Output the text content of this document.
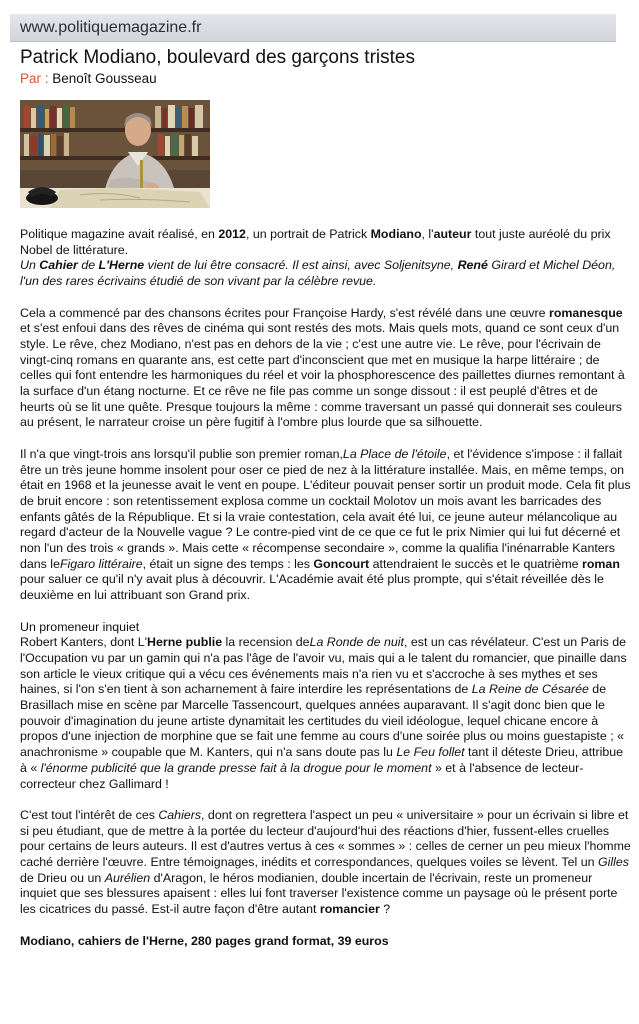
www.politiquemagazine.fr
Patrick Modiano, boulevard des garçons tristes
Par : Benoît Gousseau

Politique magazine avait réalisé, en 2012, un portrait de Patrick Modiano, l'auteur tout juste auréolé du prix Nobel de littérature.

Un Cahier de L'Herne vient de lui être consacré. Il est ainsi, avec Soljenitsyne, René Girard et Michel Déon, l'un des rares écrivains étudié de son vivant par la célèbre revue.

Cela a commencé par des chansons écrites pour Françoise Hardy, s'est révélé dans une œuvre romanesque et s'est enfoui dans des rêves de cinéma qui sont restés des mots. Mais quels mots, quand ce sont ceux d'un style. Le rêve, chez Modiano, n'est pas en dehors de la vie ; c'est une autre vie. Le rêve, pour l'écrivain de vingt-cinq romans en quarante ans, est cette part d'inconscient que met en musique la harpe littéraire ; de celles qui font entendre les harmoniques du réel et voir la phosphorescence des paillettes diurnes remontant à la surface d'un étang nocturne. Et ce rêve ne file pas comme un songe dissout : il est peuplé d'êtres et de heurts où se lit une quête. Presque toujours la même : comme traversant un passé qui donnerait ses couleurs au présent, le narrateur croise un père fugitif à l'ombre plus lourde que sa silhouette.

Il n'a que vingt-trois ans lorsqu'il publie son premier roman,La Place de l'étoile, et l'évidence s'impose : il fallait être un très jeune homme insolent pour oser ce pied de nez à la littérature installée. Mais, en même temps, on était en 1968 et la jeunesse avait le vent en poupe. L'éditeur pouvait penser sortir un produit mode. Cela fit plus de bruit encore : son retentissement explosa comme un cocktail Molotov un mois avant les barricades des enfants gâtés de la République. Et si la vraie contestation, cela avait été lui, ce jeune auteur mélancolique au regard d'acteur de la Nouvelle vague ? Le contre-pied vint de ce que ce fut le prix Nimier qui lui fut décerné et non l'un des trois « grands ». Mais cette « récompense secondaire », comme la qualifia l'inénarrable Kanters dans leFigaro littéraire, était un signe des temps : les Goncourt attendraient le succès et le quatrième roman pour saluer ce qu'il n'y avait plus à découvrir. L'Académie avait été plus prompte, qui s'était réveillée dès le deuxième en lui attribuant son Grand prix.

Un promeneur inquiet

Robert Kanters, dont L'Herne publie la recension deLa Ronde de nuit, est un cas révélateur. C'est un Paris de l'Occupation vu par un gamin qui n'a pas l'âge de l'avoir vu, mais qui a le talent du romancier, que pinaille dans son article le vieux critique qui a vécu ces événements mais n'a rien vu et s'accroche à ses mythes et ses haines, si l'on s'en tient à son acharnement à faire interdire les représentations de La Reine de Césarée de Brasillach mise en scène par Marcelle Tassencourt, quelques années auparavant. Il s'agit donc bien que le pouvoir d'imagination du jeune artiste dynamitait les certitudes du vieil idéologue, lequel chicane encore à propos d'une injection de morphine que se fait une femme au cours d'une soirée plus ou moins guestapiste ; « anachronisme » coupable que M. Kanters, qui n'a sans doute pas lu Le Feu follet tant il déteste Drieu, attribue à « l'énorme publicité que la grande presse fait à la drogue pour le moment » et à l'absence de lecteur-correcteur chez Gallimard !

C'est tout l'intérêt de ces Cahiers, dont on regrettera l'aspect un peu « universitaire » pour un écrivain si libre et si peu étudiant, que de mettre à la portée du lecteur d'aujourd'hui des réactions d'hier, fussent-elles cruelles pour certains de leurs auteurs. Il est d'autres vertus à ces « sommes » : celles de cerner un peu mieux l'homme caché derrière l'œuvre. Entre témoignages, inédits et correspondances, quelques voiles se lèvent. Tel un Gilles de Drieu ou un Aurélien d'Aragon, le héros modianien, double incertain de l'écrivain, reste un promeneur inquiet que ses blessures apaisent : elles lui font traverser l'existence comme un paysage où le présent porte les cicatrices du passé. Est-il autre façon d'être autant romancier ?

Modiano, cahiers de l'Herne, 280 pages grand format, 39 euros
